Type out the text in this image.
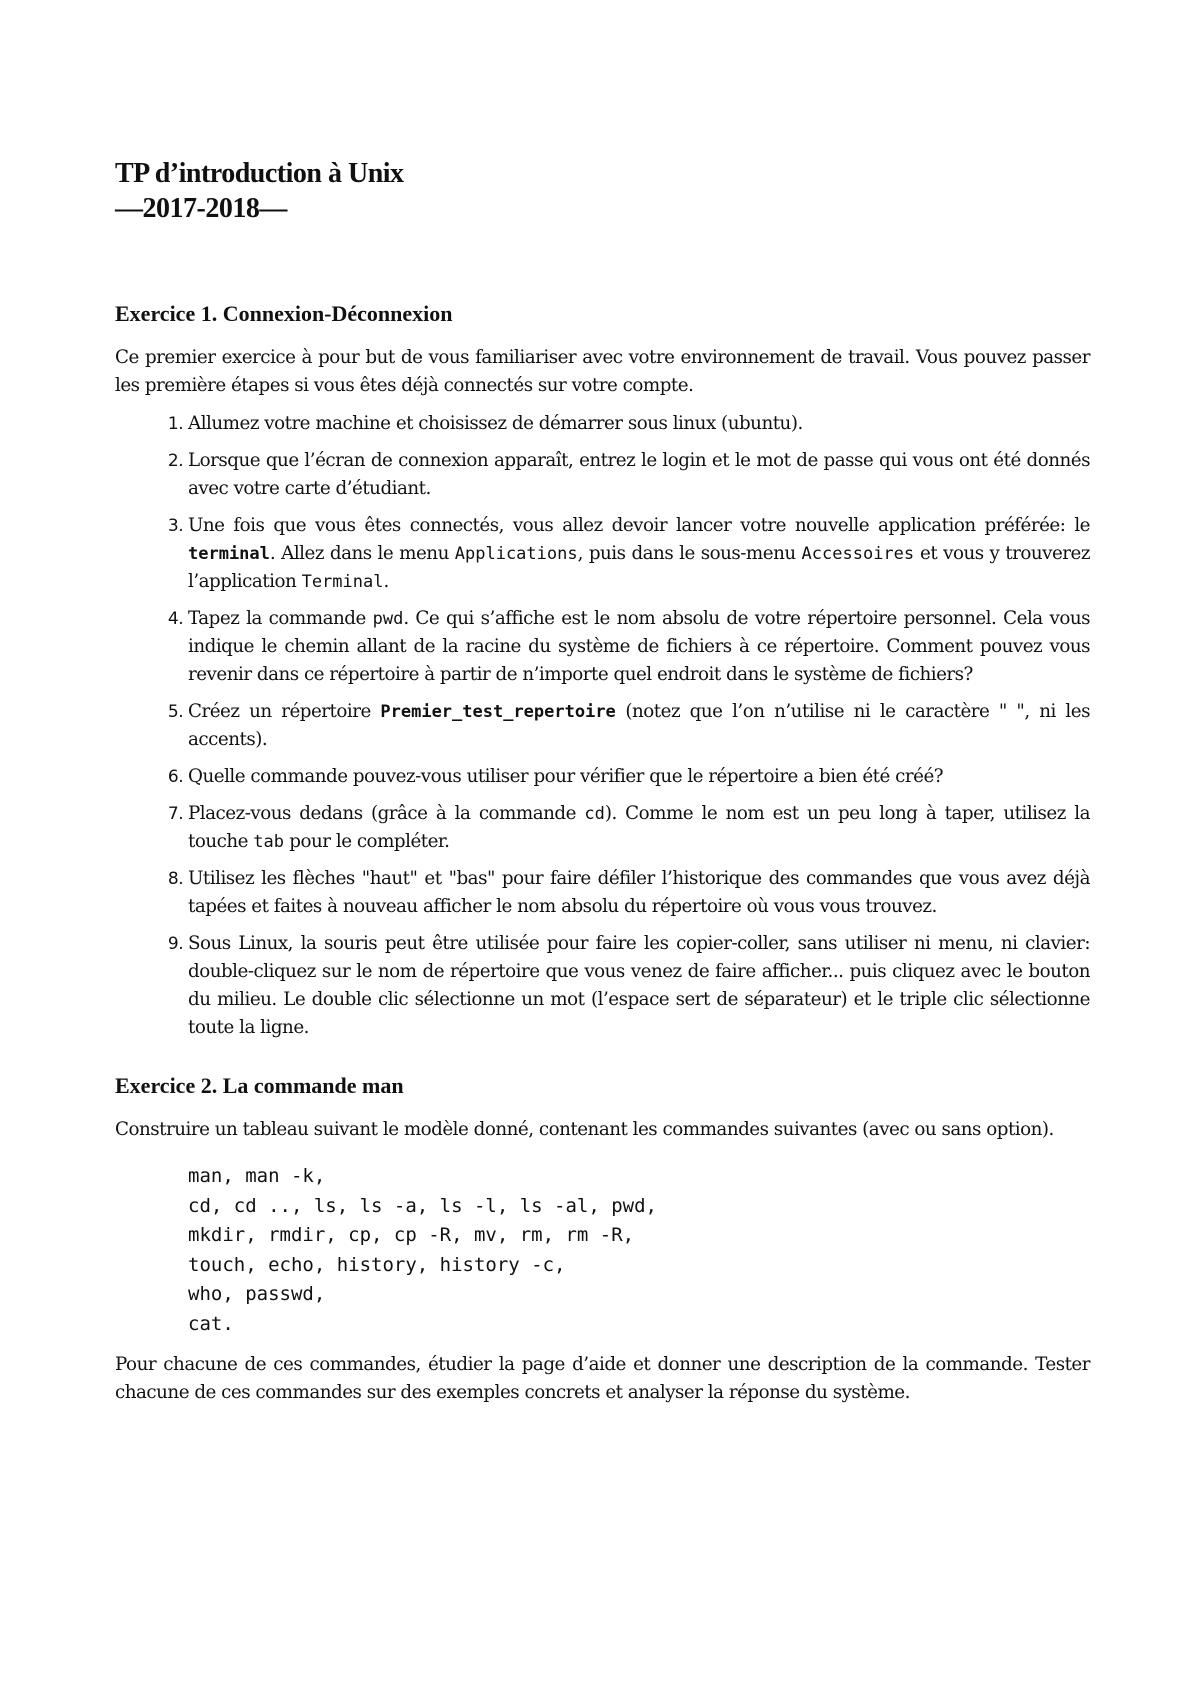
TP d’introduction à Unix

—2017-2018—

Exercice 1. Connexion-Déconnexion

Ce premier exercice à pour but de vous familiariser avec votre environnement de travail. Vous pouvez passer les première étapes si vous êtes déjà connectés sur votre compte.

1. Allumez votre machine et choisissez de démarrer sous linux (ubuntu).
2. Lorsque que l’écran de connexion apparaît, entrez le login et le mot de passe qui vous ont été donnés avec votre carte d’étudiant.
3. Une fois que vous êtes connectés, vous allez devoir lancer votre nouvelle application préférée: le terminal. Allez dans le menu Applications, puis dans le sous-menu Accessoires et vous y trouverez l’application Terminal.
4. Tapez la commande pwd. Ce qui s’affiche est le nom absolu de votre répertoire personnel. Cela vous indique le chemin allant de la racine du système de fichiers à ce répertoire. Comment pouvez vous revenir dans ce répertoire à partir de n’importe quel endroit dans le système de fichiers?
5. Créez un répertoire Premier_test_repertoire (notez que l’on n’utilise ni le caractère " ", ni les accents).
6. Quelle commande pouvez-vous utiliser pour vérifier que le répertoire a bien été créé?
7. Placez-vous dedans (grâce à la commande cd). Comme le nom est un peu long à taper, utilisez la touche tab pour le compléter.
8. Utilisez les flèches "haut" et "bas" pour faire défiler l’historique des commandes que vous avez déjà tapées et faites à nouveau afficher le nom absolu du répertoire où vous vous trouvez.
9. Sous Linux, la souris peut être utilisée pour faire les copier-coller, sans utiliser ni menu, ni clavier: double-cliquez sur le nom de répertoire que vous venez de faire afficher... puis cliquez avec le bouton du milieu. Le double clic sélectionne un mot (l’espace sert de séparateur) et le triple clic sélectionne toute la ligne.
Exercice 2. La commande man

Construire un tableau suivant le modèle donné, contenant les commandes suivantes (avec ou sans option).

man, man -k,
cd, cd .., ls, ls -a, ls -l, ls -al, pwd,
mkdir, rmdir, cp, cp -R, mv, rm, rm -R,
touch, echo, history, history -c,
who, passwd,
cat.

Pour chacune de ces commandes, étudier la page d’aide et donner une description de la commande. Tester chacune de ces commandes sur des exemples concrets et analyser la réponse du système.
